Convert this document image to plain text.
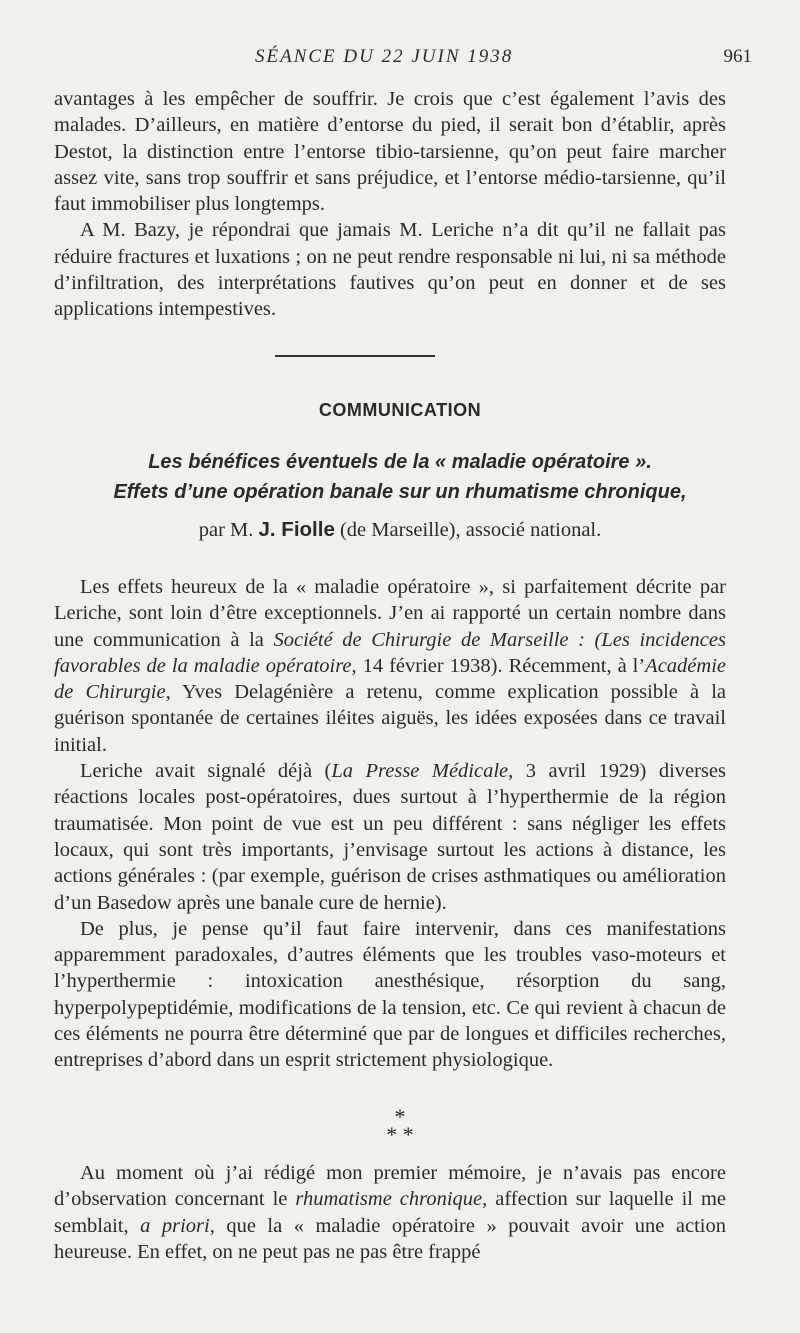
SÉANCE DU 22 JUIN 1938	961

avantages à les empêcher de souffrir. Je crois que c’est également l’avis des malades. D’ailleurs, en matière d’entorse du pied, il serait bon d’établir, après Destot, la distinction entre l’entorse tibio-tarsienne, qu’on peut faire marcher assez vite, sans trop souffrir et sans préjudice, et l’entorse médio-tarsienne, qu’il faut immobiliser plus longtemps.

A M. Bazy, je répondrai que jamais M. Leriche n’a dit qu’il ne fallait pas réduire fractures et luxations ; on ne peut rendre responsable ni lui, ni sa méthode d’infiltration, des interprétations fautives qu’on peut en donner et de ses applications intempestives.

COMMUNICATION
Les bénéfices éventuels de la « maladie opératoire ».
Effets d’une opération banale sur un rhumatisme chronique,
par M. J. Fiolle (de Marseille), associé national.

Les effets heureux de la « maladie opératoire », si parfaitement décrite par Leriche, sont loin d’être exceptionnels. J’en ai rapporté un certain nombre dans une communication à la Société de Chirurgie de Marseille : (Les incidences favorables de la maladie opératoire, 14 février 1938). Récemment, à l’Académie de Chirurgie, Yves Delagénière a retenu, comme explication possible à la guérison spontanée de certaines iléites aiguës, les idées exposées dans ce travail initial.

Leriche avait signalé déjà (La Presse Médicale, 3 avril 1929) diverses réactions locales post-opératoires, dues surtout à l’hyperthermie de la région traumatisée. Mon point de vue est un peu différent : sans négliger les effets locaux, qui sont très importants, j’envisage surtout les actions à distance, les actions générales : (par exemple, guérison de crises asthmatiques ou amélioration d’un Basedow après une banale cure de hernie).

De plus, je pense qu’il faut faire intervenir, dans ces manifestations apparemment paradoxales, d’autres éléments que les troubles vaso-moteurs et l’hyperthermie : intoxication anesthésique, résorption du sang, hyperpolypeptidémie, modifications de la tension, etc. Ce qui revient à chacun de ces éléments ne pourra être déterminé que par de longues et difficiles recherches, entreprises d’abord dans un esprit strictement physiologique.

*
* *

Au moment où j’ai rédigé mon premier mémoire, je n’avais pas encore d’observation concernant le rhumatisme chronique, affection sur laquelle il me semblait, a priori, que la « maladie opératoire » pouvait avoir une action heureuse. En effet, on ne peut pas ne pas être frappé
